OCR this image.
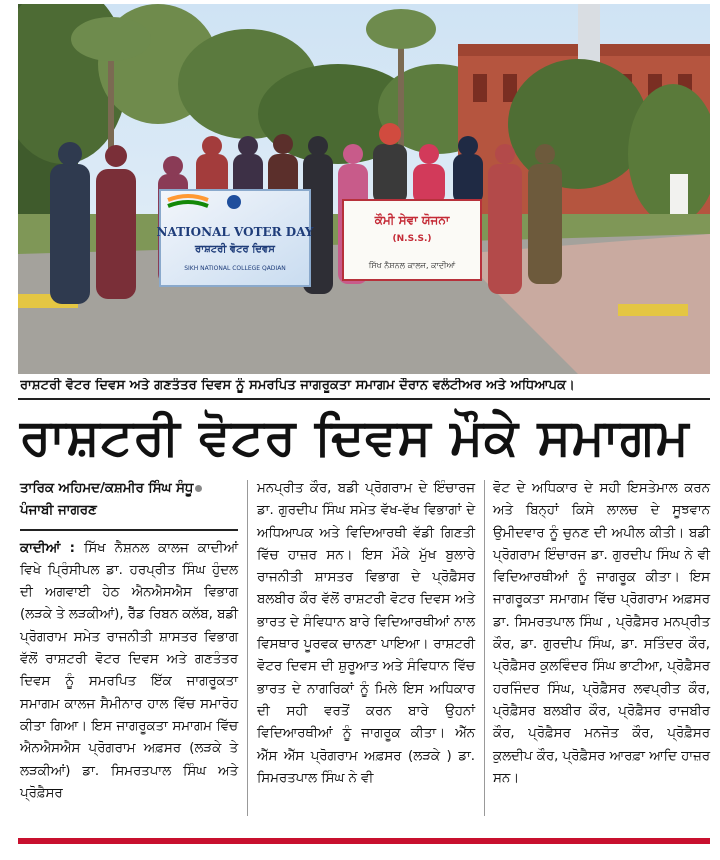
NATIONAL VOTER DAY
ਰਾਸ਼ਟਰੀ ਵੋਟਰ ਦਿਵਸ
SIKH NATIONAL COLLEGE QADIAN
ਕੌਮੀ ਸੇਵਾ ਯੋਜਨਾ
(N.S.S.)
ਸਿੱਖ ਨੈਸ਼ਨਲ ਕਾਲਜ, ਕਾਦੀਆਂ
ਰਾਸ਼ਟਰੀ ਵੋਟਰ ਦਿਵਸ ਅਤੇ ਗਣਤੰਤਰ ਦਿਵਸ ਨੂੰ ਸਮਰਪਿਤ ਜਾਗਰੂਕਤਾ ਸਮਾਗਮ ਦੌਰਾਨ ਵਲੰਟੀਅਰ ਅਤੇ ਅਧਿਆਪਕ।
ਰਾਸ਼ਟਰੀ ਵੋਟਰ ਦਿਵਸ ਮੌਕੇ ਸਮਾਗਮ
ਤਾਰਿਕ ਅਹਿਮਦ/ਕਸ਼ਮੀਰ ਸਿੰਘ ਸੰਧੂ
ਪੰਜਾਬੀ ਜਾਗਰਣ

ਕਾਦੀਆਂ : ਸਿੱਖ ਨੈਸ਼ਨਲ ਕਾਲਜ ਕਾਦੀਆਂ ਵਿਖੇ ਪ੍ਰਿੰਸੀਪਲ ਡਾ. ਹਰਪ੍ਰੀਤ ਸਿੰਘ ਹੁੰਦਲ ਦੀ ਅਗਵਾਈ ਹੇਠ ਐਨਐਸਐਸ ਵਿਭਾਗ (ਲੜਕੇ ਤੇ ਲੜਕੀਆਂ), ਰੈੱਡ ਰਿਬਨ ਕਲੱਬ, ਬਡੀ ਪ੍ਰੋਗਰਾਮ ਸਮੇਤ ਰਾਜਨੀਤੀ ਸ਼ਾਸਤਰ ਵਿਭਾਗ ਵੱਲੋਂ ਰਾਸ਼ਟਰੀ ਵੋਟਰ ਦਿਵਸ ਅਤੇ ਗਣਤੰਤਰ ਦਿਵਸ ਨੂੰ ਸਮਰਪਿਤ ਇੱਕ ਜਾਗਰੂਕਤਾ ਸਮਾਗਮ ਕਾਲਜ ਸੈਮੀਨਾਰ ਹਾਲ ਵਿੱਚ ਸਮਾਰੋਹ ਕੀਤਾ ਗਿਆ। ਇਸ ਜਾਗਰੂਕਤਾ ਸਮਾਗਮ ਵਿੱਚ ਐਨਐਸਐਸ ਪ੍ਰੋਗਰਾਮ ਅਫ਼ਸਰ (ਲੜਕੇ ਤੇ ਲੜਕੀਆਂ) ਡਾ. ਸਿਮਰਤਪਾਲ ਸਿੰਘ ਅਤੇ ਪ੍ਰੋਫ਼ੈਸਰ

ਮਨਪ੍ਰੀਤ ਕੌਰ, ਬਡੀ ਪ੍ਰੋਗਰਾਮ ਦੇ ਇੰਚਾਰਜ ਡਾ. ਗੁਰਦੀਪ ਸਿੰਘ ਸਮੇਤ ਵੱਖ-ਵੱਖ ਵਿਭਾਗਾਂ ਦੇ ਅਧਿਆਪਕ ਅਤੇ ਵਿਦਿਆਰਥੀ ਵੱਡੀ ਗਿਣਤੀ ਵਿੱਚ ਹਾਜ਼ਰ ਸਨ। ਇਸ ਮੌਕੇ ਮੁੱਖ ਬੁਲਾਰੇ ਰਾਜਨੀਤੀ ਸ਼ਾਸਤਰ ਵਿਭਾਗ ਦੇ ਪ੍ਰੋਫ਼ੈਸਰ ਬਲਬੀਰ ਕੌਰ ਵੱਲੋਂ ਰਾਸ਼ਟਰੀ ਵੋਟਰ ਦਿਵਸ ਅਤੇ ਭਾਰਤ ਦੇ ਸੰਵਿਧਾਨ ਬਾਰੇ ਵਿਦਿਆਰਥੀਆਂ ਨਾਲ ਵਿਸਥਾਰ ਪੂਰਵਕ ਚਾਨਣਾ ਪਾਇਆ। ਰਾਸ਼ਟਰੀ ਵੋਟਰ ਦਿਵਸ ਦੀ ਸ਼ੁਰੂਆਤ ਅਤੇ ਸੰਵਿਧਾਨ ਵਿੱਚ ਭਾਰਤ ਦੇ ਨਾਗਰਿਕਾਂ ਨੂੰ ਮਿਲੇ ਇਸ ਅਧਿਕਾਰ ਦੀ ਸਹੀ ਵਰਤੋਂ ਕਰਨ ਬਾਰੇ ਉਹਨਾਂ ਵਿਦਿਆਰਥੀਆਂ ਨੂੰ ਜਾਗਰੂਕ ਕੀਤਾ। ਐੱਨ ਐੱਸ ਐੱਸ ਪ੍ਰੋਗਰਾਮ ਅਫ਼ਸਰ (ਲੜਕੇ ) ਡਾ. ਸਿਮਰਤਪਾਲ ਸਿੰਘ ਨੇ ਵੀ

ਵੋਟ ਦੇ ਅਧਿਕਾਰ ਦੇ ਸਹੀ ਇਸਤੇਮਾਲ ਕਰਨ ਅਤੇ ਬਿਨ੍ਹਾਂ ਕਿਸੇ ਲਾਲਚ ਦੇ ਸੂਝਵਾਨ ਉਮੀਦਵਾਰ ਨੂੰ ਚੁਨਣ ਦੀ ਅਪੀਲ ਕੀਤੀ। ਬਡੀ ਪ੍ਰੋਗਰਾਮ ਇੰਚਾਰਜ ਡਾ. ਗੁਰਦੀਪ ਸਿੰਘ ਨੇ ਵੀ ਵਿਦਿਆਰਥੀਆਂ ਨੂੰ ਜਾਗਰੂਕ ਕੀਤਾ। ਇਸ ਜਾਗਰੂਕਤਾ ਸਮਾਗਮ ਵਿੱਚ ਪ੍ਰੋਗਰਾਮ ਅਫ਼ਸਰ ਡਾ. ਸਿਮਰਤਪਾਲ ਸਿੰਘ , ਪ੍ਰੋਫ਼ੈਸਰ ਮਨਪ੍ਰੀਤ ਕੌਰ, ਡਾ. ਗੁਰਦੀਪ ਸਿੰਘ, ਡਾ. ਸਤਿੰਦਰ ਕੌਰ, ਪ੍ਰੋਫ਼ੈਸਰ ਕੁਲਵਿੰਦਰ ਸਿੰਘ ਭਾਟੀਆ, ਪ੍ਰੋਫ਼ੈਸਰ ਹਰਜਿੰਦਰ ਸਿੰਘ, ਪ੍ਰੋਫ਼ੈਸਰ ਲਵਪ੍ਰੀਤ ਕੌਰ, ਪ੍ਰੋਫ਼ੈਸਰ ਬਲਬੀਰ ਕੌਰ, ਪ੍ਰੋਫ਼ੈਸਰ ਰਾਜਬੀਰ ਕੌਰ, ਪ੍ਰੋਫ਼ੈਸਰ ਮਨਜੋਤ ਕੌਰ, ਪ੍ਰੋਫ਼ੈਸਰ ਕੁਲਦੀਪ ਕੌਰ, ਪ੍ਰੋਫ਼ੈਸਰ ਆਰਫ਼ਾ ਆਦਿ ਹਾਜ਼ਰ ਸਨ।
